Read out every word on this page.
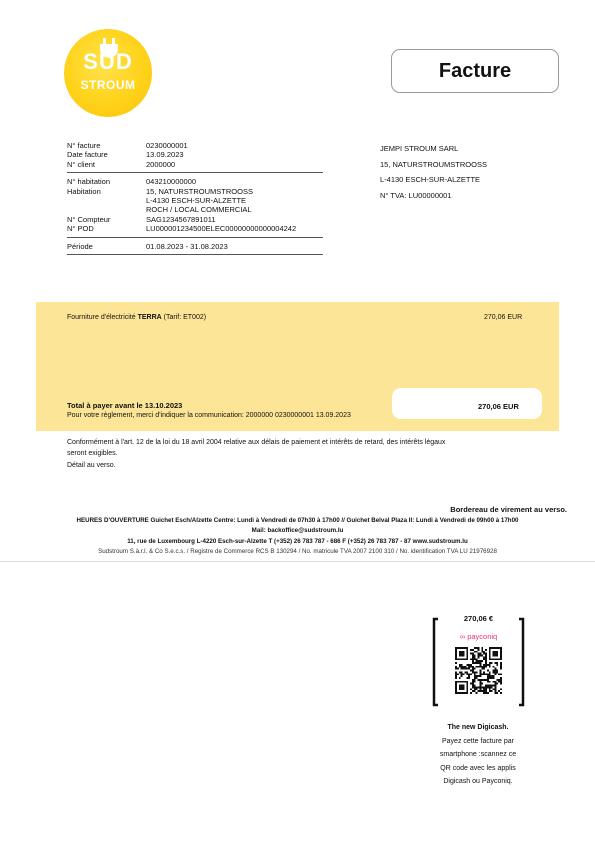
SÜD
STROUM
Facture
N° facture	0230000001
Date facture	13.09.2023
N° client	2000000
N° habitation	043210000000
Habitation	15, NATURSTROUMSTROOSS
L-4130 ESCH-SUR-ALZETTE
ROCH / LOCAL COMMERCIAL
N° Compteur	SAG1234567891011
N° POD	LU000001234500ELEC00000000000004242
Période	01.08.2023 - 31.08.2023
JEMPI STROUM SARL
15, NATURSTROUMSTROOSS
L-4130 ESCH-SUR-ALZETTE
N° TVA: LU00000001
Fourniture d'électricité TERRA (Tarif: ET002)	270,06 EUR
270,06 EUR
Total à payer avant le 13.10.2023
Pour votre règlement, merci d'indiquer la communication: 2000000 0230000001 13.09.2023
Conformément à l'art. 12 de la loi du 18 avril 2004 relative aux délais de paiement et intérêts de retard, des intérêts légaux
seront exigibles.
Détail au verso.
Bordereau de virement au verso.
HEURES D'OUVERTURE Guichet Esch/Alzette Centre: Lundi à Vendredi de 07h30 à 17h00 // Guichet Belval Plaza II: Lundi à Vendredi de 09h00 à 17h00
Mail: backoffice@sudstroum.lu
11, rue de Luxembourg L-4220 Esch-sur-Alzette T (+352) 26 783 787 - 686 F (+352) 26 783 787 - 87 www.sudstroum.lu
Sudstroum S.à.r.l. & Co S.e.c.s. / Registre de Commerce RCS B 130294 / No. matricule TVA 2007 2100 310 / No. identification TVA LU 21976928
270,06 €
∞ payconiq
The new Digicash.
Payez cette facture par
smartphone :scannez ce
QR code avec les applis
Digicash ou Payconiq.
